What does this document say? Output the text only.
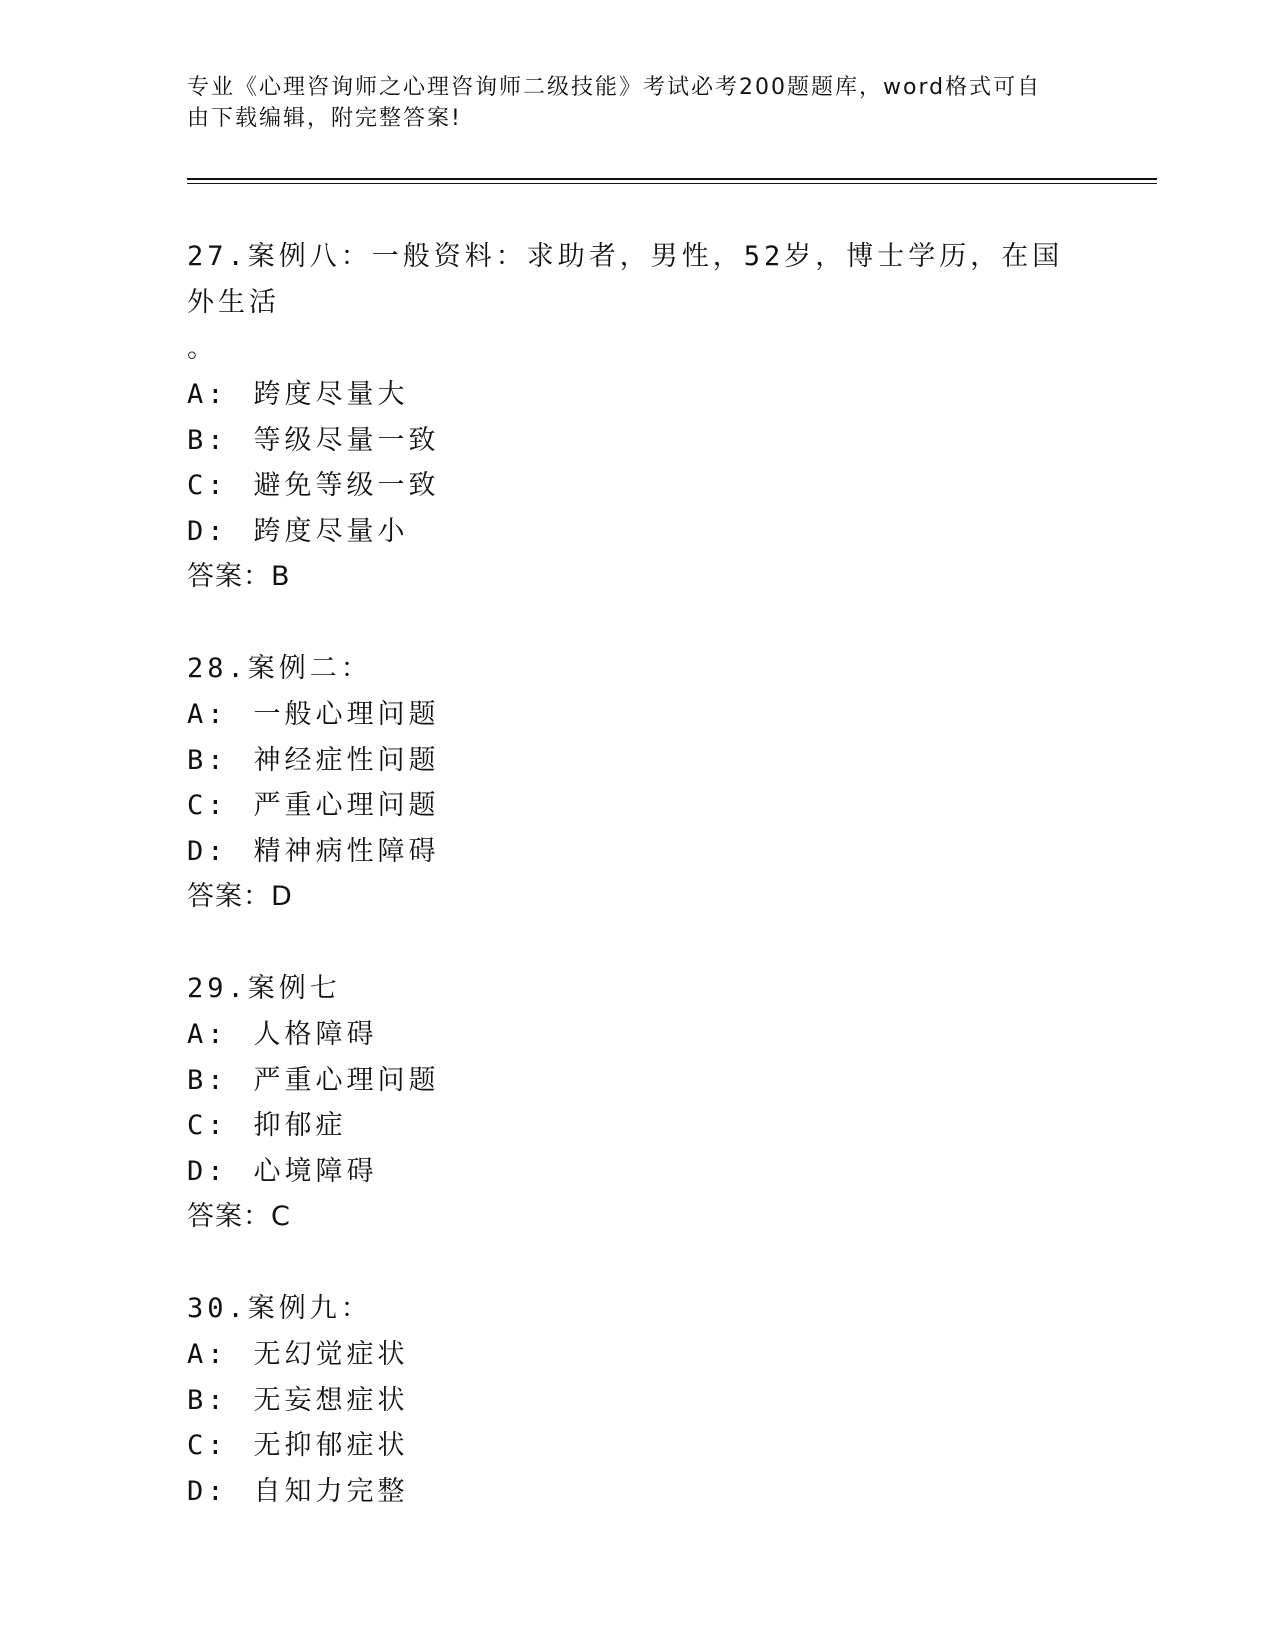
专业《心理咨询师之心理咨询师二级技能》考试必考200题题库，word格式可自
由下载编辑，附完整答案!

27.案例八：一般资料：求助者，男性，52岁，博士学历，在国外生活

。

A: 跨度尽量大

B: 等级尽量一致

C: 避免等级一致

D: 跨度尽量小

答案：B

28.案例二：

A: 一般心理问题

B: 神经症性问题

C: 严重心理问题

D: 精神病性障碍

答案：D

29.案例七

A: 人格障碍

B: 严重心理问题

C: 抑郁症

D: 心境障碍

答案：C

30.案例九：

A: 无幻觉症状

B: 无妄想症状

C: 无抑郁症状

D: 自知力完整
